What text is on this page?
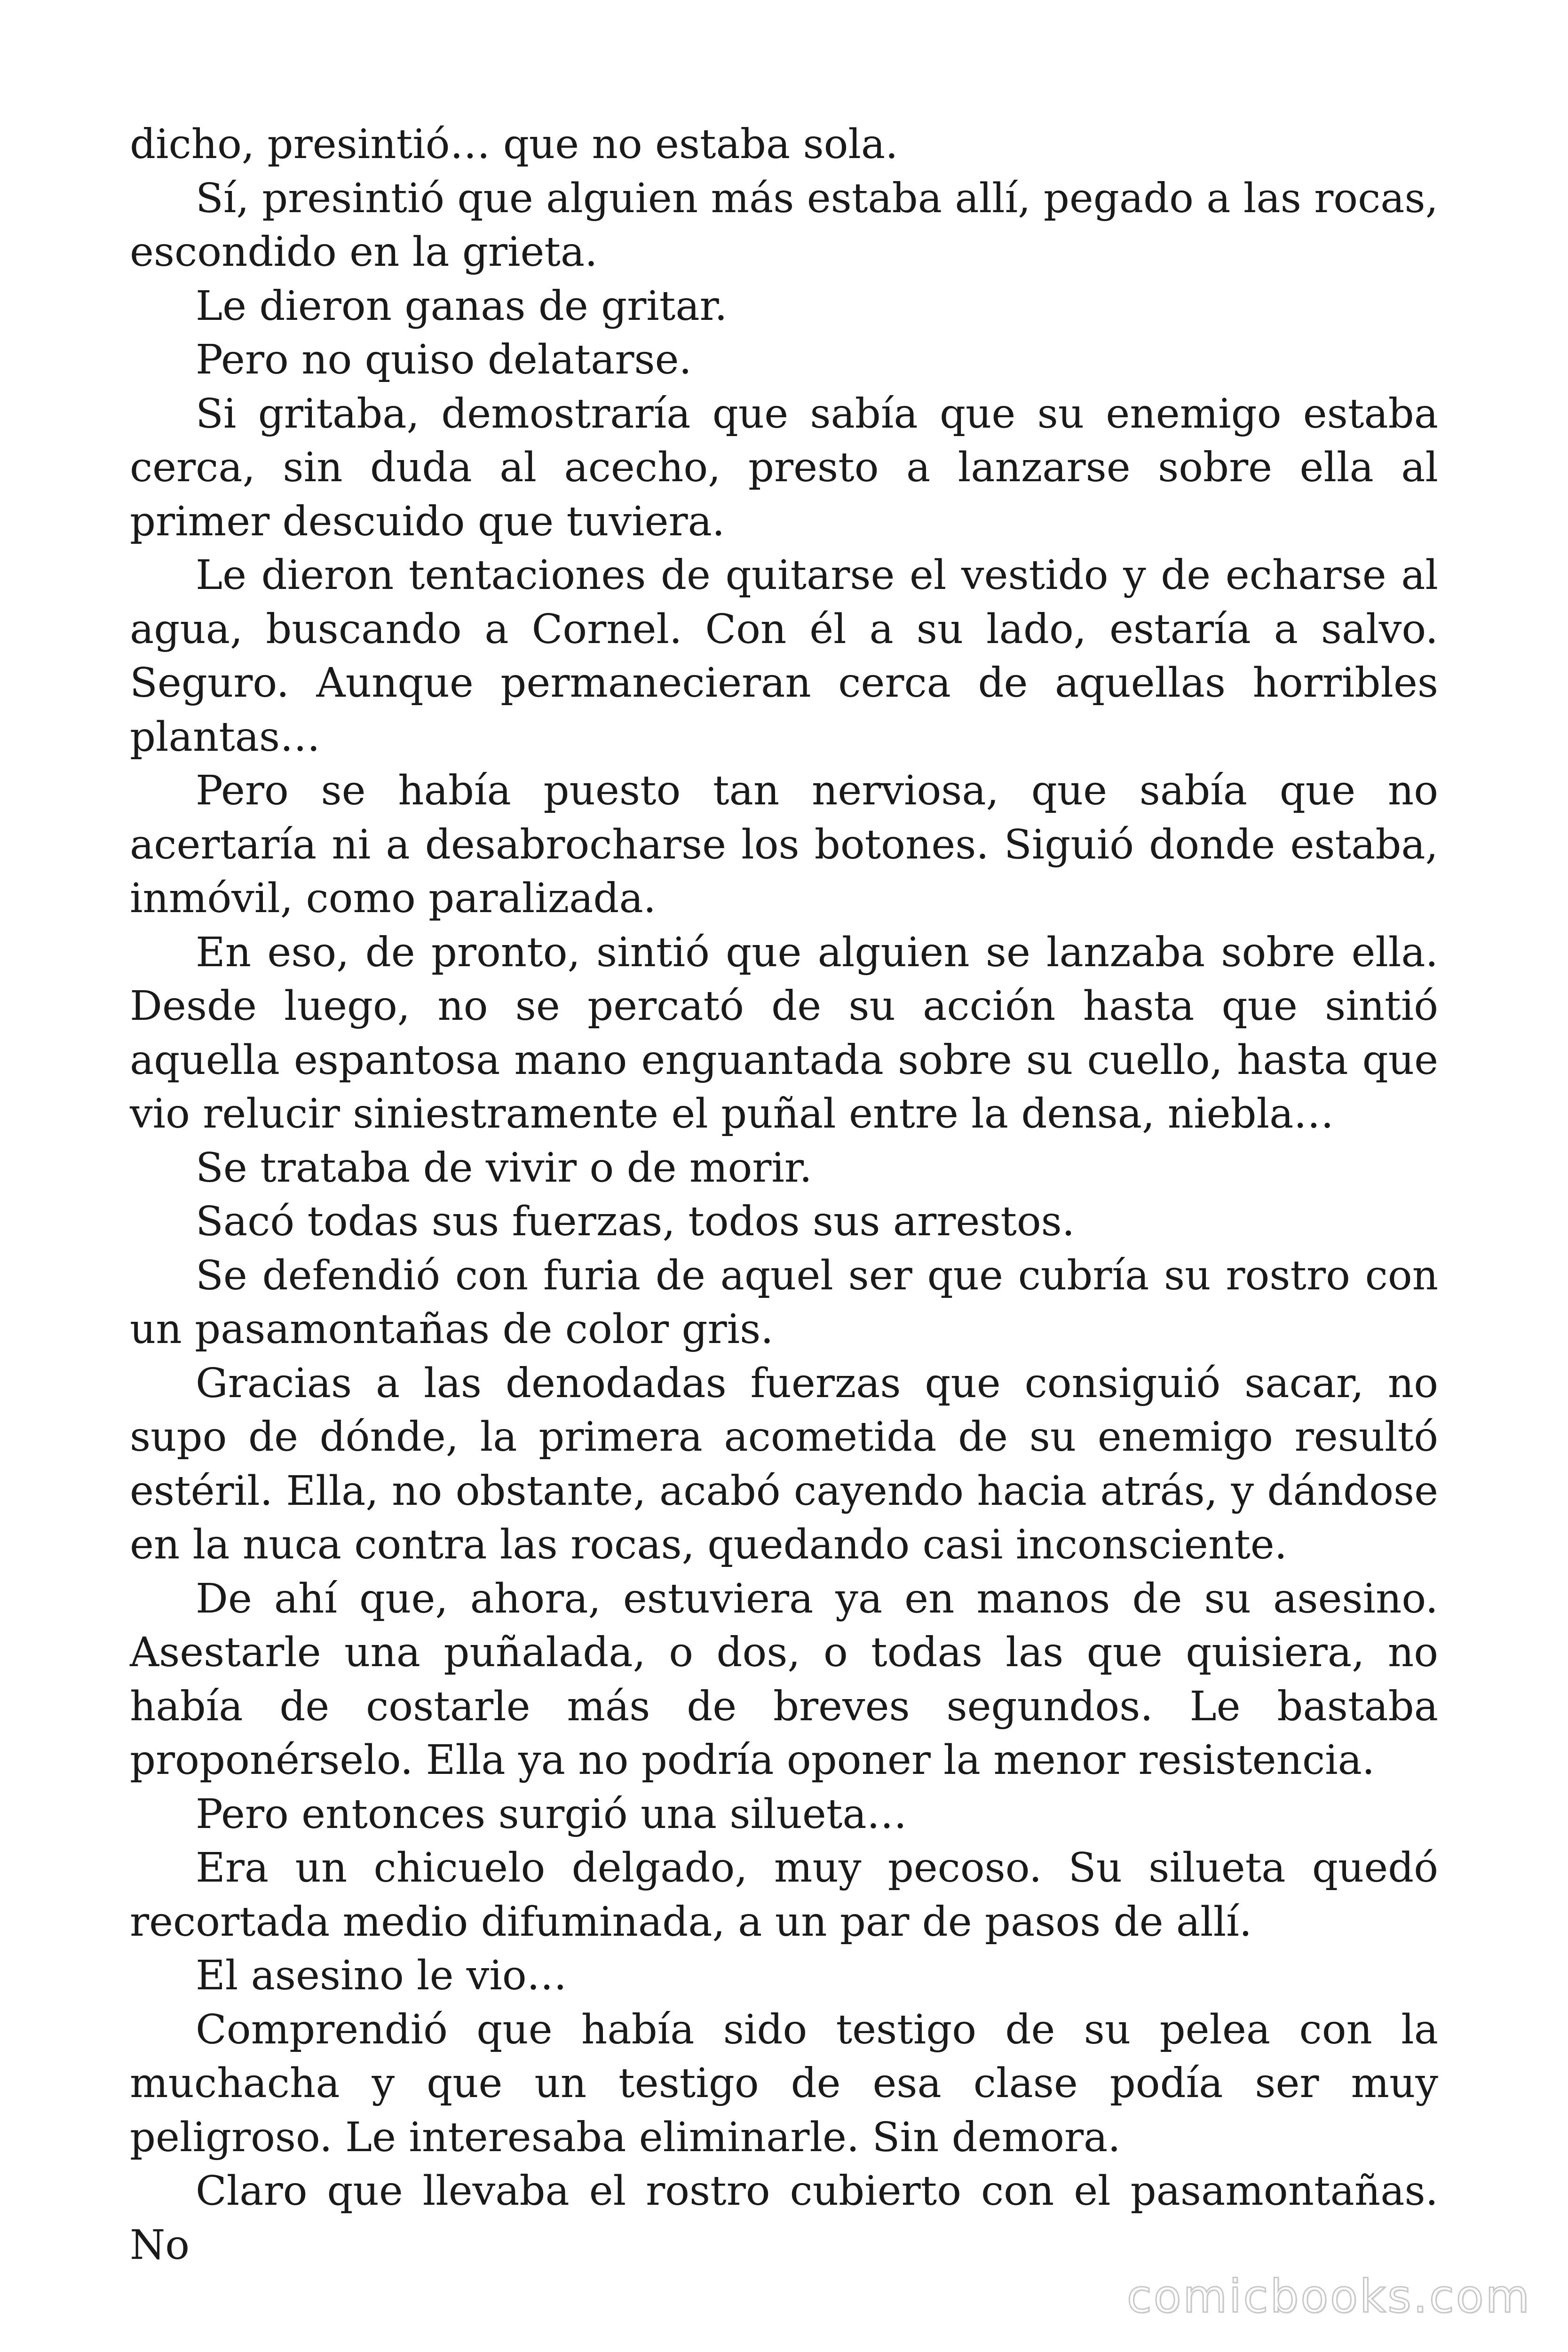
dicho, presintió… que no estaba sola.

Sí, presintió que alguien más estaba allí, pegado a las rocas, escondido en la grieta.

Le dieron ganas de gritar.

Pero no quiso delatarse.

Si gritaba, demostraría que sabía que su enemigo estaba cerca, sin duda al acecho, presto a lanzarse sobre ella al primer descuido que tuviera.

Le dieron tentaciones de quitarse el vestido y de echarse al agua, buscando a Cornel. Con él a su lado, estaría a salvo. Seguro. Aunque permanecieran cerca de aquellas horribles plantas…

Pero se había puesto tan nerviosa, que sabía que no acertaría ni a desabrocharse los botones. Siguió donde estaba, inmóvil, como paralizada.

En eso, de pronto, sintió que alguien se lanzaba sobre ella. Desde luego, no se percató de su acción hasta que sintió aquella espantosa mano enguantada sobre su cuello, hasta que vio relucir siniestramente el puñal entre la densa, niebla…

Se trataba de vivir o de morir.

Sacó todas sus fuerzas, todos sus arrestos.

Se defendió con furia de aquel ser que cubría su rostro con un pasamontañas de color gris.

Gracias a las denodadas fuerzas que consiguió sacar, no supo de dónde, la primera acometida de su enemigo resultó estéril. Ella, no obstante, acabó cayendo hacia atrás, y dándose en la nuca contra las rocas, quedando casi inconsciente.

De ahí que, ahora, estuviera ya en manos de su asesino. Asestarle una puñalada, o dos, o todas las que quisiera, no había de costarle más de breves segundos. Le bastaba proponérselo. Ella ya no podría oponer la menor resistencia.

Pero entonces surgió una silueta…

Era un chicuelo delgado, muy pecoso. Su silueta quedó recortada medio difuminada, a un par de pasos de allí.

El asesino le vio…

Comprendió que había sido testigo de su pelea con la muchacha y que un testigo de esa clase podía ser muy peligroso. Le interesaba eliminarle. Sin demora.

Claro que llevaba el rostro cubierto con el pasamontañas. No

comicbooks.com
